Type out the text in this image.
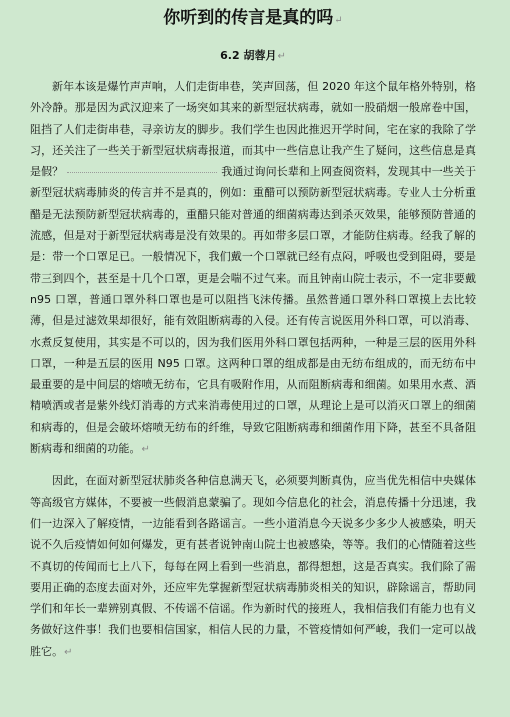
你听到的传言是真的吗↵
6.2 胡蓉月↵

新年本该是爆竹声声响，人们走街串巷，笑声回荡，但 2020 年这个鼠年格外特别，格外冷静。那是因为武汉迎来了一场突如其来的新型冠状病毒，就如一股硝烟一般席卷中国，阻挡了人们走街串巷，寻亲访友的脚步。我们学生也因此推迟开学时间，宅在家的我除了学习，还关注了一些关于新型冠状病毒报道，而其中一些信息让我产生了疑问，这些信息是真是假？	我通过询问长辈和上网查阅资料，发现其中一些关于新型冠状病毒肺炎的传言并不是真的，例如：重醋可以预防新型冠状病毒。专业人士分析重醋是无法预防新型冠状病毒的，重醋只能对普通的细菌病毒达到杀灭效果，能够预防普通的流感，但是对于新型冠状病毒是没有效果的。再如带多层口罩，才能防住病毒。经我了解的是：带一个口罩足已。一般情况下，我们戴一个口罩就已经有点闷，呼吸也受到阻碍，要是带三到四个，甚至是十几个口罩，更是会喘不过气来。而且钟南山院士表示，不一定非要戴 n95 口罩，普通口罩外科口罩也是可以阻挡飞沫传播。虽然普通口罩外科口罩摸上去比较薄，但是过滤效果却很好，能有效阻断病毒的入侵。还有传言说医用外科口罩，可以消毒、水煮反复使用，其实是不可以的，因为我们医用外科口罩包括两种，一种是三层的医用外科口罩，一种是五层的医用 N95 口罩。这两种口罩的组成都是由无纺布组成的，而无纺布中最重要的是中间层的熔喷无纺布，它具有吸附作用，从而阻断病毒和细菌。如果用水煮、酒精喷洒或者是紫外线灯消毒的方式来消毒使用过的口罩，从理论上是可以消灭口罩上的细菌和病毒的，但是会破坏熔喷无纺布的纤维，导致它阻断病毒和细菌作用下降，甚至不具备阻断病毒和细菌的功能。↵

因此，在面对新型冠状肺炎各种信息满天飞，必须要判断真伪，应当优先相信中央媒体等高级官方媒体，不要被一些假消息蒙骗了。现如今信息化的社会，消息传播十分迅速，我们一边深入了解疫情，一边能看到各路谣言。一些小道消息今天说多少多少人被感染，明天说不久后疫情如何如何爆发，更有甚者说钟南山院士也被感染，等等。我们的心情随着这些不真切的传闻而七上八下，每每在网上看到一些消息，都得想想，这是否真实。我们除了需要用正确的态度去面对外，还应牢先掌握新型冠状病毒肺炎相关的知识，辟除谣言，帮助同学们和年长一辈辨别真假、不传谣不信谣。作为新时代的接班人，我相信我们有能力也有义务做好这件事！我们也要相信国家，相信人民的力量，不管疫情如何严峻，我们一定可以战胜它。↵
